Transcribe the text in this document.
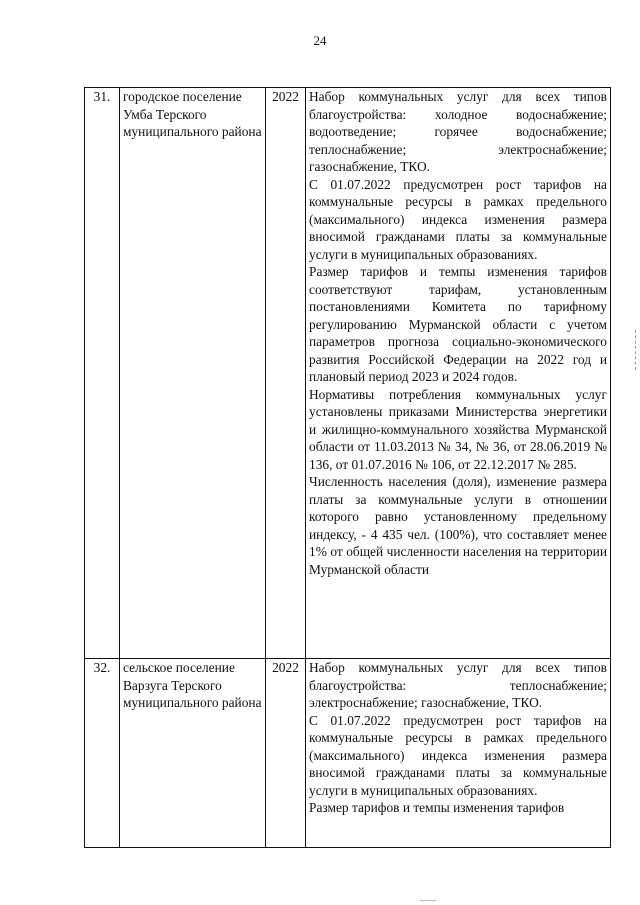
24
31.	городское поселение Умба Терского муниципального района	2022	Набор коммунальных услуг для всех типов благоустройства: холодное водоснабжение; водоотведение; горячее водоснабжение; теплоснабжение; электроснабжение; газоснабжение, ТКО.

С 01.07.2022 предусмотрен рост тарифов на коммунальные ресурсы в рамках предельного (максимального) индекса изменения размера вносимой гражданами платы за коммунальные услуги в муниципальных образованиях.

Размер тарифов и темпы изменения тарифов соответствуют тарифам, установленным постановлениями Комитета по тарифному регулированию Мурманской области с учетом параметров прогноза социально-экономического развития Российской Федерации на 2022 год и плановый период 2023 и 2024 годов.

Нормативы потребления коммунальных услуг установлены приказами Министерства энергетики и жилищно-коммунального хозяйства Мурманской области от 11.03.2013 № 34, № 36, от 28.06.2019 № 136, от 01.07.2016 № 106, от 22.12.2017 № 285.

Численность населения (доля), изменение размера платы за коммунальные услуги в отношении которого равно установленному предельному индексу, - 4 435 чел. (100%), что составляет менее 1% от общей численности населения на территории Мурманской области

32.	сельское поселение Варзуга Терского муниципального района	2022	Набор коммунальных услуг для всех типов благоустройства: теплоснабжение; электроснабжение; газоснабжение, ТКО.

С 01.07.2022 предусмотрен рост тарифов на коммунальные ресурсы в рамках предельного (максимального) индекса изменения размера вносимой гражданами платы за коммунальные услуги в муниципальных образованиях.

Размер тарифов и темпы изменения тарифов
